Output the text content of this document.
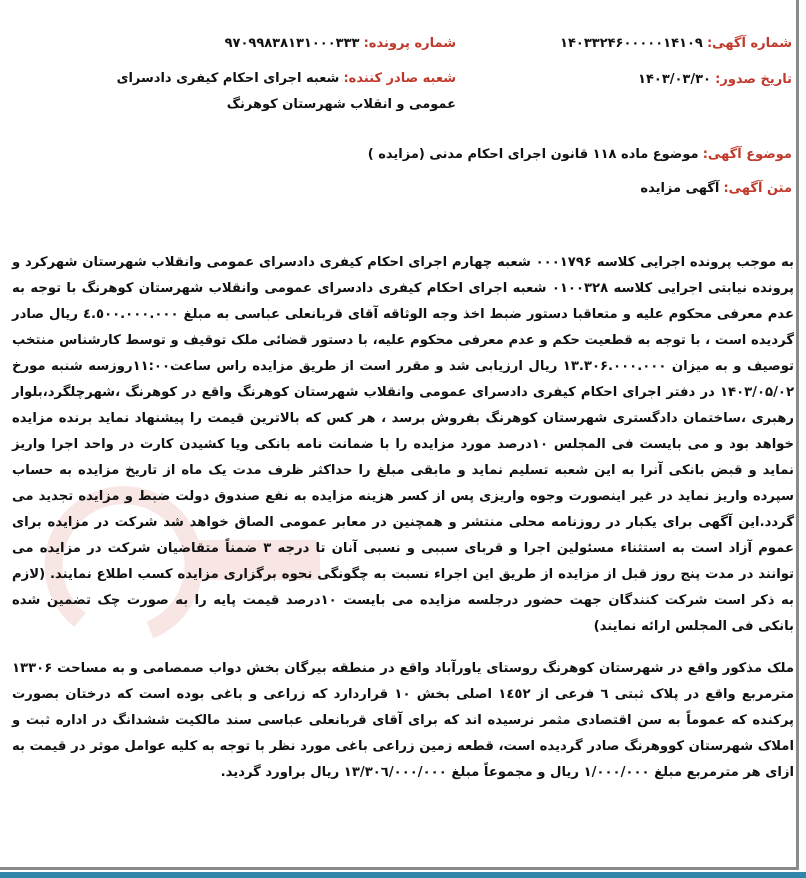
شماره آگهی: ۱۴۰۳۳۲۴۶۰۰۰۰۰۱۴۱۰۹
تاریخ صدور: ۱۴۰۳/۰۳/۳۰
شماره پرونده: ۹۷۰۹۹۸۳۸۱۳۱۰۰۰۳۳۳
شعبه صادر کننده: شعبه اجرای احکام کیفری دادسرای عمومی و انقلاب شهرستان کوهرنگ
موضوع آگهی: موضوع ماده ۱۱۸ قانون اجرای احکام مدنی (مزایده )
متن آگهی: آگهی مزایده

به موجب پرونده اجرایی کلاسه ۰۰۰۱۷۹۶ شعبه چهارم اجرای احکام کیفری دادسرای عمومی وانقلاب شهرستان شهرکرد و پرونده نیابتی اجرایی کلاسه ۰۱۰۰۳۲۸ شعبه اجرای احکام کیفری دادسرای عمومی وانقلاب شهرستان کوهرنگ با توجه به عدم معرفی محکوم علیه و متعاقبا دستور ضبط اخذ وجه الوثاقه آقای قربانعلی عباسی به مبلغ ٤.٥٠٠.٠٠٠.٠٠٠ ریال صادر گردیده است ، با توجه به قطعیت حکم و عدم معرفی محکوم علیه، با دستور قضائی ملک توقیف و توسط کارشناس منتخب توصیف و به میزان ۱۳.۳۰۶.۰۰۰.۰۰۰ ریال ارزیابی شد و مقرر است از طریق مزایده راس ساعت۱۱:۰۰روزسه شنبه مورخ ۱۴۰۳/۰۵/۰۲ در دفتر اجرای احکام کیفری دادسرای عمومی وانقلاب شهرستان کوهرنگ واقع در کوهرنگ ،شهرچلگرد،بلوار رهبری ،ساختمان دادگستری شهرستان کوهرنگ بفروش برسد ، هر کس که بالاترین قیمت را پیشنهاد نماید برنده مزایده خواهد بود و می بایست فی المجلس ۱۰درصد مورد مزایده را با ضمانت نامه بانکی ویا کشیدن کارت در واحد اجرا واریز نماید و قبض بانکی آنرا به این شعبه تسلیم نماید و مابقی مبلغ را حداکثر ظرف مدت یک ماه از تاریخ مزایده به حساب سپرده واریز نماید در غیر اینصورت وجوه واریزی پس از کسر هزینه مزایده به نفع صندوق دولت ضبط و مزایده تجدید می گردد.این آگهی برای یکبار در روزنامه محلی منتشر و همچنین در معابر عمومی الصاق خواهد شد شرکت در مزایده برای عموم آزاد است به استثناء مسئولین اجرا و قربای سببی و نسبی آنان تا درجه ۳ ضمناً متقاضیان شرکت در مزایده می توانند در مدت پنج روز قبل از مزایده از طریق این اجراء نسبت به چگونگی نحوه برگزاری مزایده کسب اطلاع نمایند. (لازم به ذکر است شرکت کنندگان جهت حضور درجلسه مزایده می بایست ۱۰درصد قیمت پایه را به صورت چک تضمین شده بانکی فی المجلس ارائه نمایند)

ملک مذکور واقع در شهرستان کوهرنگ روستای یاورآباد واقع در منطقه بیرگان بخش دواب صمصامی و به مساحت ۱۳۳۰۶ مترمربع واقع در پلاک ثبتی ٦ فرعی از ۱٤٥۲ اصلی بخش ۱۰ قراردارد که زراعی و باغی بوده است که درختان بصورت پرکنده که عموماً به سن اقتصادی مثمر نرسیده اند که برای آقای قربانعلی عباسی سند مالکیت ششدانگ در اداره ثبت و املاک شهرستان کووهرنگ صادر گردیده است، قطعه زمین زراعی باغی مورد نظر با توجه به کلیه عوامل موثر در قیمت به ازای هر مترمربع مبلغ ۱/۰۰۰/۰۰۰ ریال و مجموعاً مبلغ ۱۳/۳۰٦/۰۰۰/۰۰۰ ریال براورد گردید.
